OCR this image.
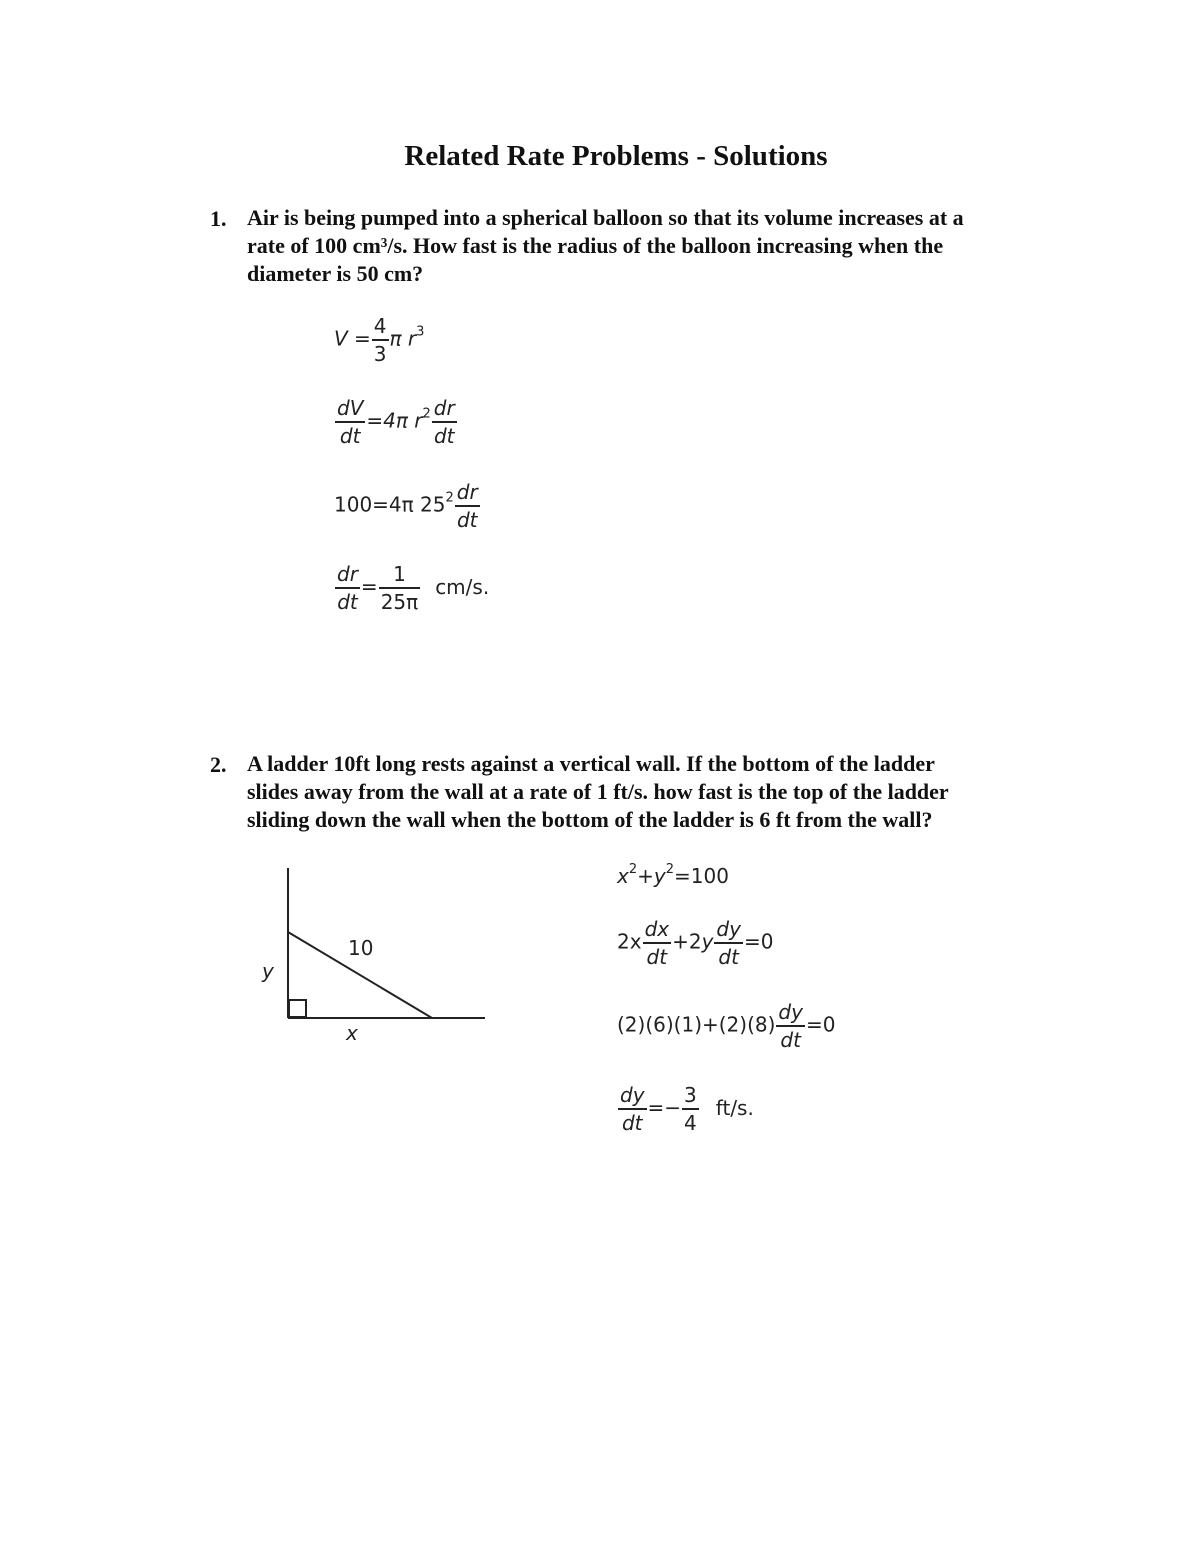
Related Rate Problems - Solutions
1. Air is being pumped into a spherical balloon so that its volume increases at a
rate of 100 cm³/s. How fast is the radius of the balloon increasing when the
diameter is 50 cm?
$V = \frac{4}{3}$ π $r^3$
$\frac{dV}{dt} =4\pi$ $r^2 \frac{dr}{dt}$
100=4π $25^2 \frac{dr}{dt}$
$\frac{dr}{dt} = \frac{1}{25\pi} cm/s$.
2. A ladder 10ft long rests against a vertical wall. If the bottom of the ladder
slides away from the wall at a rate of 1 ft/s. how fast is the top of the ladder
sliding down the wall when the bottom of the ladder is 6 ft from the wall?
10
y
x
$x^2+y^2=100$
$2x \frac{dx}{dt} +2y \frac{dy}{dt} =0$
$(2)(6)(1)+(2)(8) \frac{dy}{dt} =0$
$\frac{dy}{dt} =- \frac{3}{4} ft/s$.
